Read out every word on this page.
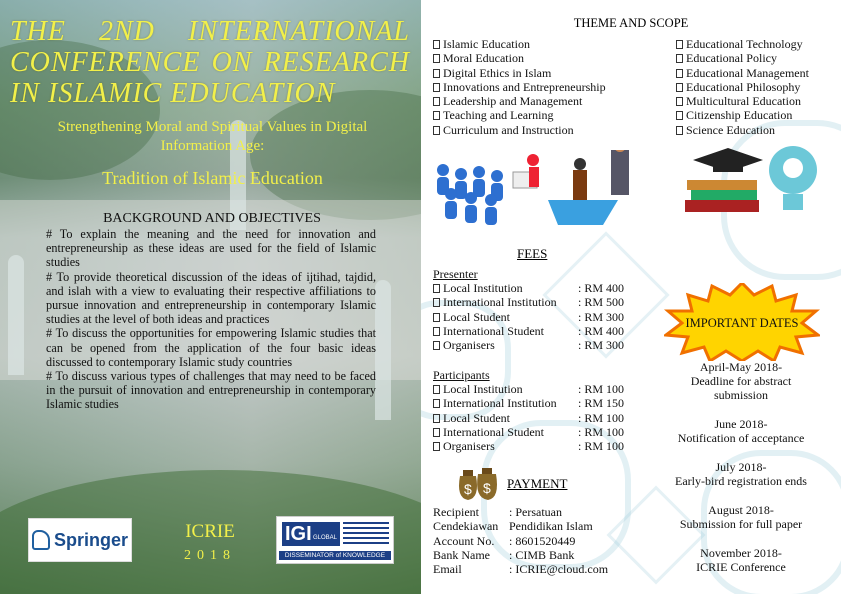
THE 2ND INTERNATIONAL
CONFERENCE ON RESEARCH
IN ISLAMIC EDUCATION
Strengthening Moral and Spiritual Values in Digital Information Age:
Tradition of Islamic Education
BACKGROUND AND OBJECTIVES

# To explain the meaning and the need for innovation and entrepreneurship as these ideas are used for the field of Islamic studies

# To provide theoretical discussion of the ideas of ijtihad, tajdid, and islah with a view to evaluating their respective affiliations to pursue innovation and entrepreneurship in contemporary Islamic studies at the level of both ideas and practices

# To discuss the opportunities for empowering Islamic studies that can be opened from the application of the four basic ideas discussed to contemporary Islamic study countries

# To discuss various types of challenges that may need to be faced in the pursuit of innovation and entrepreneurship in contemporary Islamic studies

Springer	ICRIE
2018
IGI GLOBAL
DISSEMINATOR of KNOWLEDGE
THEME AND SCOPE
Islamic Education
Moral Education
Digital Ethics in Islam
Innovations and Entrepreneurship
Leadership and Management
Teaching and Learning
Curriculum and Instruction
Educational Technology
Educational Policy
Educational Management
Educational Philosophy
Multicultural Education
Citizenship Education
Science Education
FEES
Presenter
Local Institution	: RM 400
International Institution	: RM 500
Local Student	: RM 300
International Student	: RM 400
Organisers	: RM 300
Participants
Local Institution	: RM 100
International Institution	: RM 150
Local Student	: RM 100
International Student	: RM 100
Organisers	: RM 100
$ $ PAYMENT
Recipient	: Persatuan
Cendekiawan Pendidikan Islam
Account No.	: 8601520449
Bank Name	: CIMB Bank
Email	: ICRIE@cloud.com
IMPORTANT DATES
April-May 2018-
Deadline for abstract
submission
June 2018-
Notification of acceptance
July 2018-
Early-bird registration ends
August 2018-
Submission for full paper
November 2018-
ICRIE Conference
